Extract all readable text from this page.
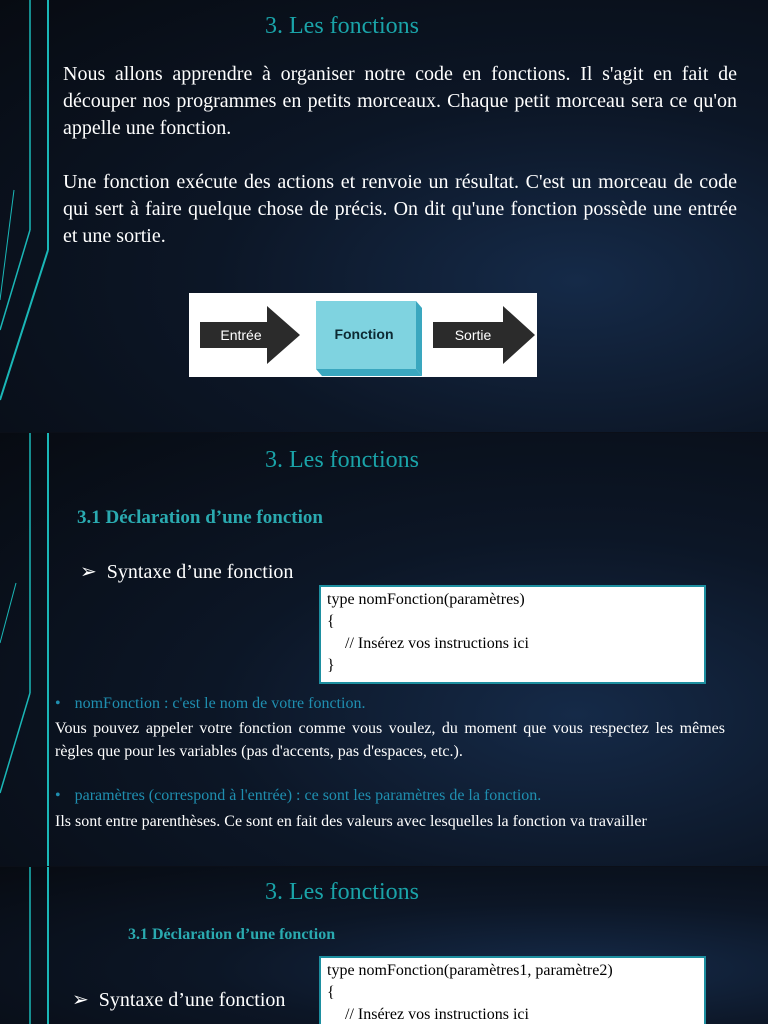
3. Les fonctions

Nous allons apprendre à organiser notre code en fonctions. Il s'agit en fait de découper nos programmes en petits morceaux. Chaque petit morceau sera ce qu'on appelle une fonction.

Une fonction exécute des actions et renvoie un résultat. C'est un morceau de code qui sert à faire quelque chose de précis. On dit qu'une fonction possède une entrée et une sortie.

Entrée	Fonction	Sortie
3. Les fonctions
3.1 Déclaration d’une fonction
➢ Syntaxe d’une fonction
type nomFonction(paramètres)
{
// Insérez vos instructions ici
}
• nomFonction : c'est le nom de votre fonction.

Vous pouvez appeler votre fonction comme vous voulez, du moment que vous respectez les mêmes règles que pour les variables (pas d'accents, pas d'espaces, etc.).

• paramètres (correspond à l'entrée) : ce sont les paramètres de la fonction.

Ils sont entre parenthèses. Ce sont en fait des valeurs avec lesquelles la fonction va travailler

3. Les fonctions
3.1 Déclaration d’une fonction
➢ Syntaxe d’une fonction
type nomFonction(paramètres1, paramètre2)
{
// Insérez vos instructions ici
